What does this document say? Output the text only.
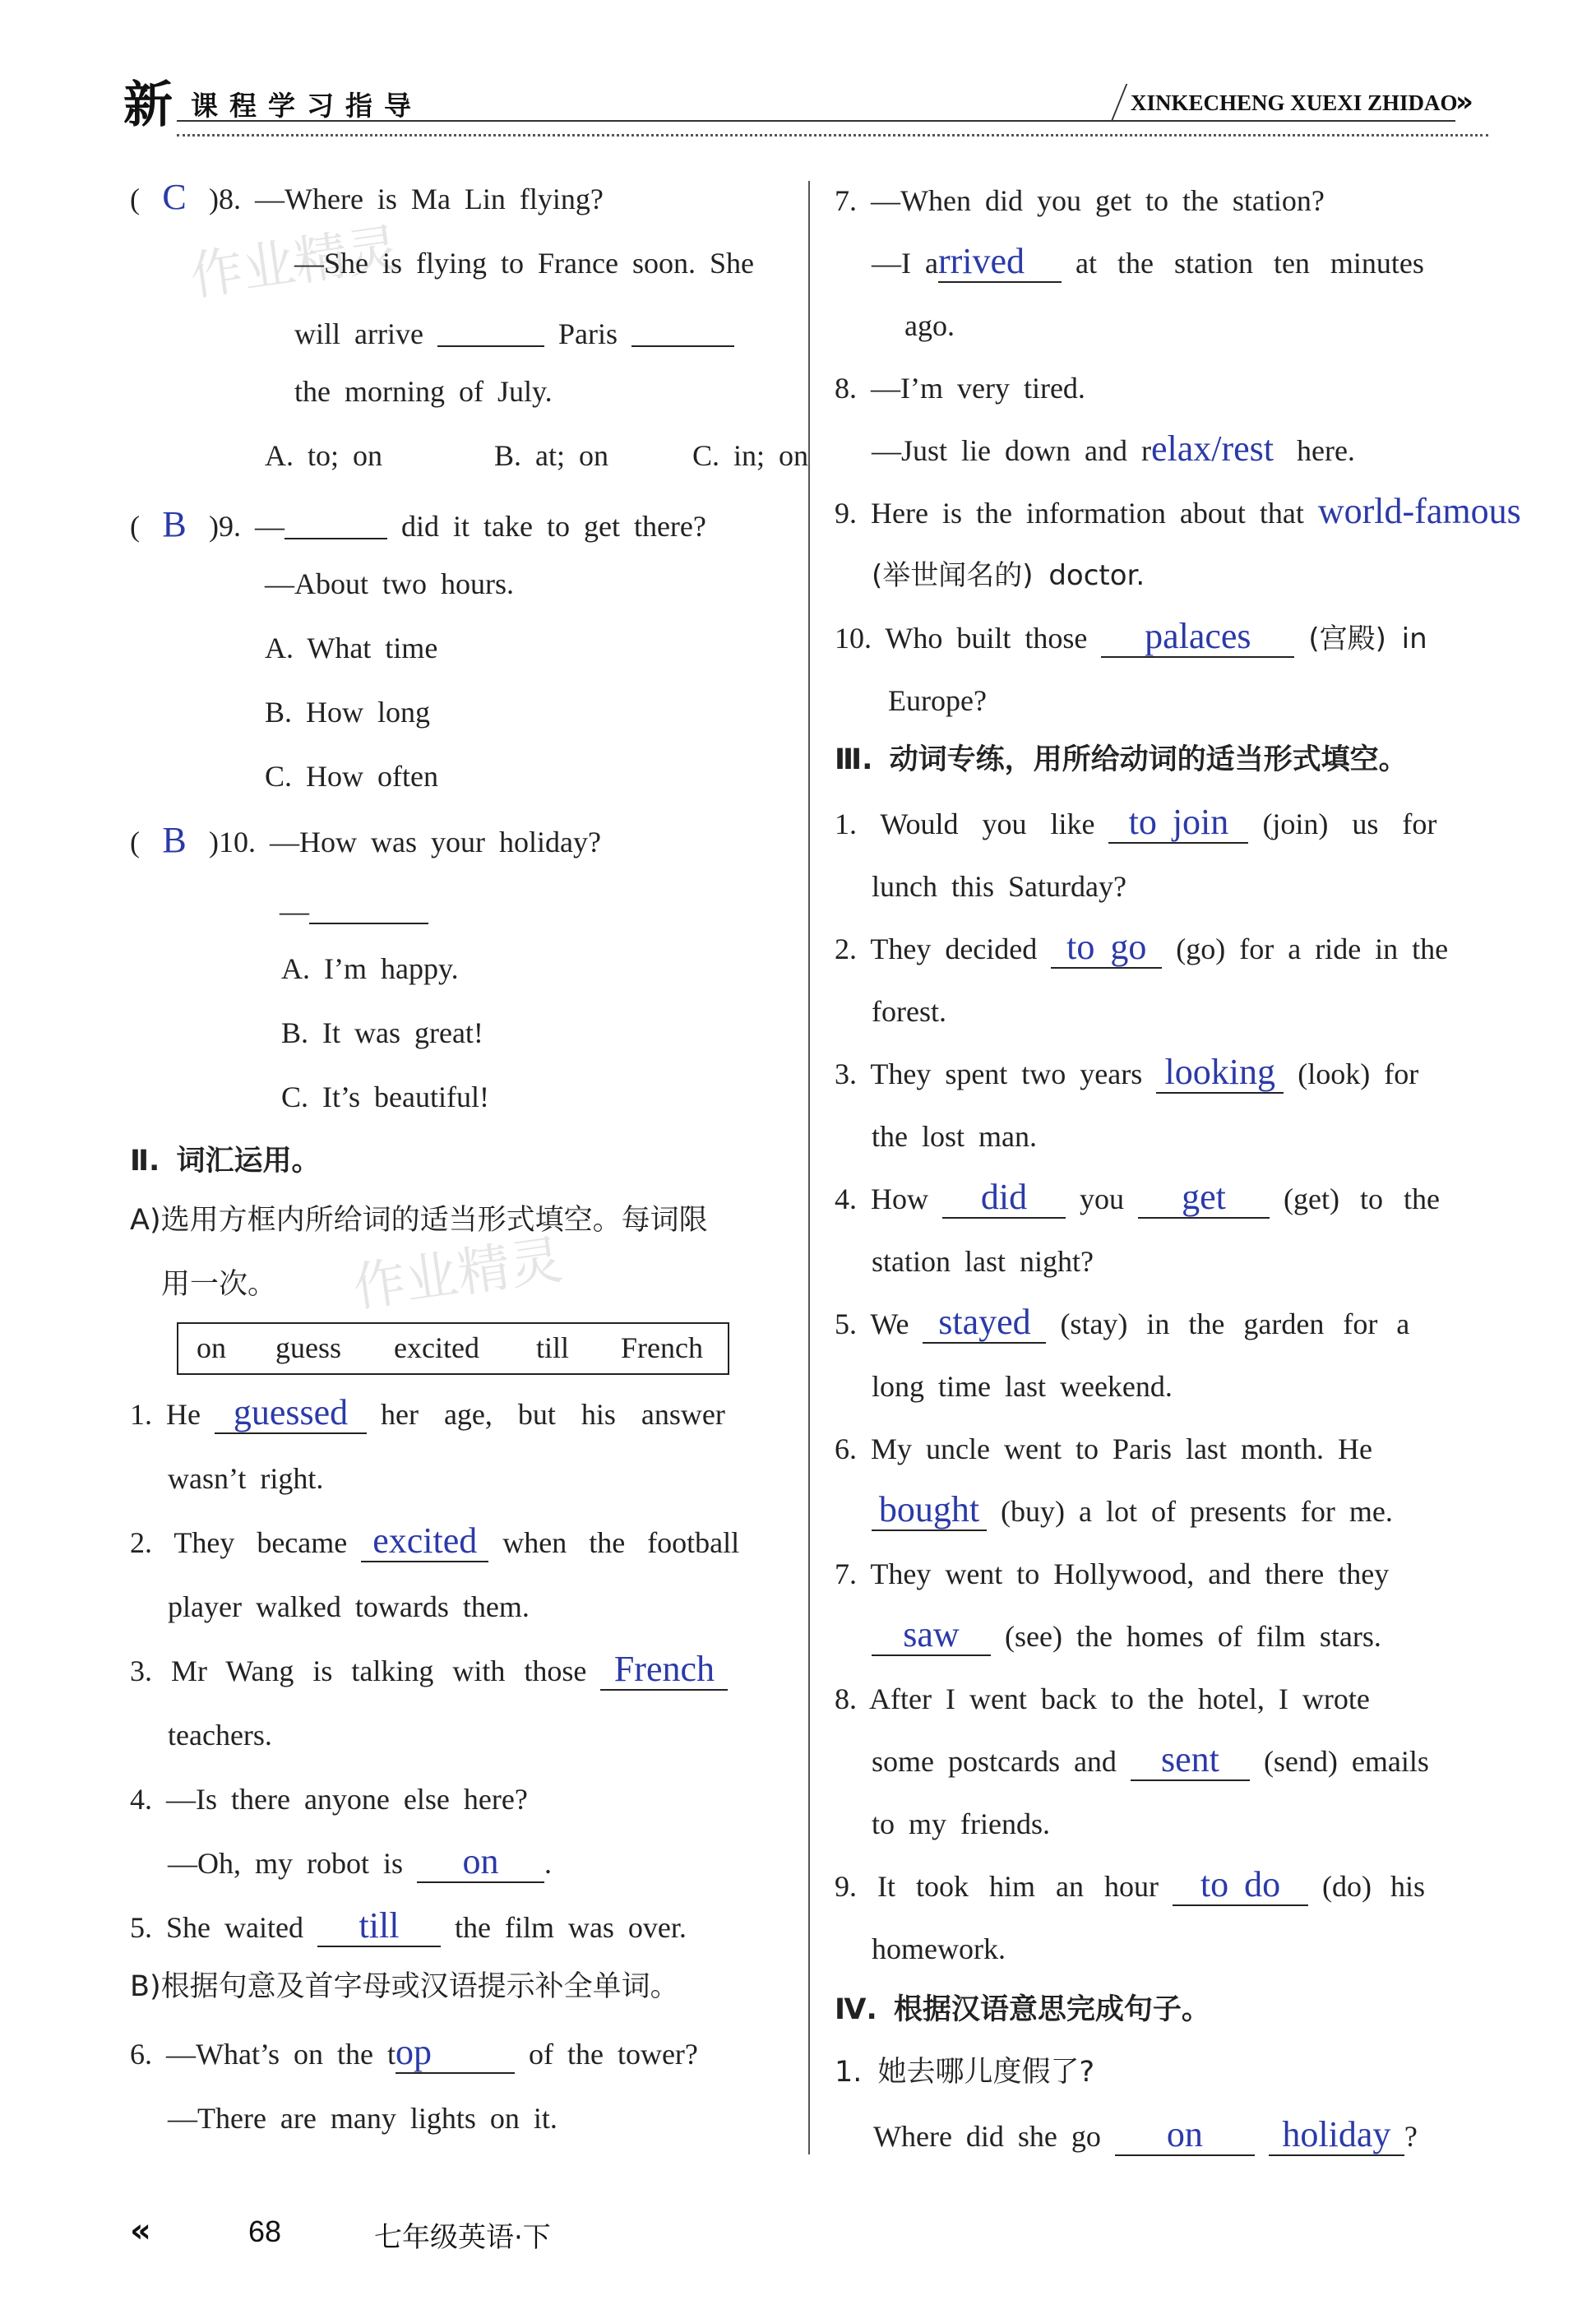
新 课程学习指导	XINKECHENG XUEXI ZHIDAO
»
作业精灵
作业精灵
( C )8. —Where is Ma Lin flying?
—She is flying to France soon. She
will arrive	Paris
the morning of July.
A. to; on        B. at; on      C. in; on
( B )9. —	did it take to get there?
—About two hours.
A. What time
B. How long
C. How often
( B )10. —How was your holiday?
—
A. I’m happy.
B. It was great!
C. It’s beautiful!
Ⅱ. 词汇运用。
A)选用方框内所给词的适当形式填空。每词限
用一次。
on guess excited till French
1. He guessed her age, but his answer
wasn’t right.
2. They became excited when the football
player walked towards them.
3. Mr Wang is talking with those French
teachers.
4. —Is there anyone else here?
—Oh, my robot is on .
5. She waited till the film was over.
B)根据句意及首字母或汉语提示补全单词。
6. —What’s on the top	of the tower?
—There are many lights on it.
7. —When did you get to the station?
—I arrived at the station ten minutes
ago.
8. —I’m very tired.
—Just lie down and relax/rest here.
9. Here is the information about that world-famous
(举世闻名的) doctor.
10. Who built those palaces (宫殿) in
Europe?
Ⅲ. 动词专练，用所给动词的适当形式填空。
1. Would you like to join (join) us for
lunch this Saturday?
2. They decided to go (go) for a ride in the
forest.
3. They spent two years looking (look) for
the lost man.
4. How did you get (get) to the
station last night?
5. We stayed (stay) in the garden for a
long time last weekend.
6. My uncle went to Paris last month. He
bought (buy) a lot of presents for me.
7. They went to Hollywood, and there they
saw (see) the homes of film stars.
8. After I went back to the hotel, I wrote
some postcards and sent (send) emails
to my friends.
9. It took him an hour to do (do) his
homework.
Ⅳ. 根据汉语意思完成句子。
1. 她去哪儿度假了?
Where did she go on holiday ?
«	68	七年级英语·下
